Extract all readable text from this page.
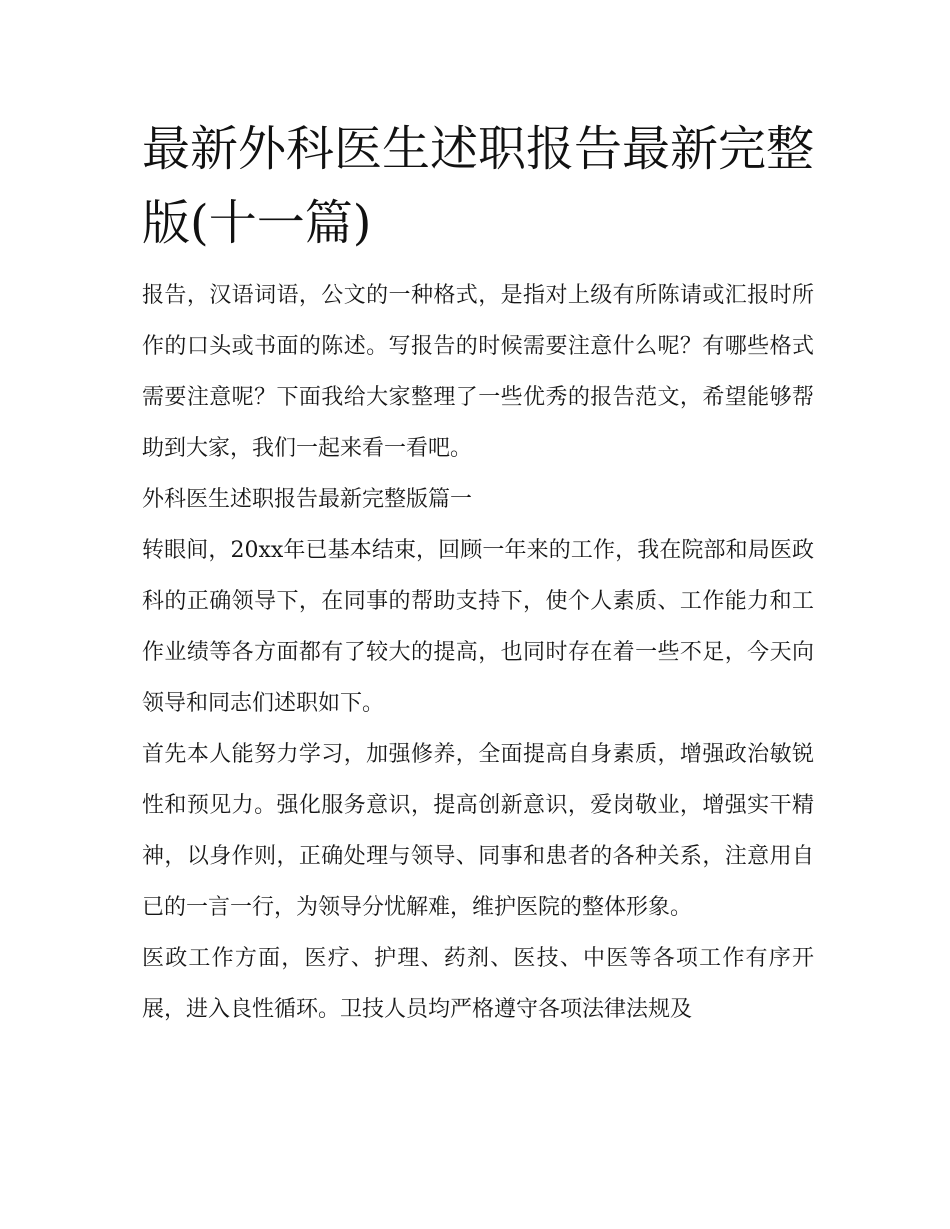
最新外科医生述职报告最新完整版(十一篇)

报告，汉语词语，公文的一种格式，是指对上级有所陈请或汇报时所作的口头或书面的陈述。写报告的时候需要注意什么呢？有哪些格式需要注意呢？下面我给大家整理了一些优秀的报告范文，希望能够帮助到大家，我们一起来看一看吧。

外科医生述职报告最新完整版篇一

转眼间，20xx年已基本结束，回顾一年来的工作，我在院部和局医政科的正确领导下，在同事的帮助支持下，使个人素质、工作能力和工作业绩等各方面都有了较大的提高，也同时存在着一些不足，今天向领导和同志们述职如下。

首先本人能努力学习，加强修养，全面提高自身素质，增强政治敏锐性和预见力。强化服务意识，提高创新意识，爱岗敬业，增强实干精神，以身作则，正确处理与领导、同事和患者的各种关系，注意用自已的一言一行，为领导分忧解难，维护医院的整体形象。

医政工作方面，医疗、护理、药剂、医技、中医等各项工作有序开展，进入良性循环。卫技人员均严格遵守各项法律法规及
